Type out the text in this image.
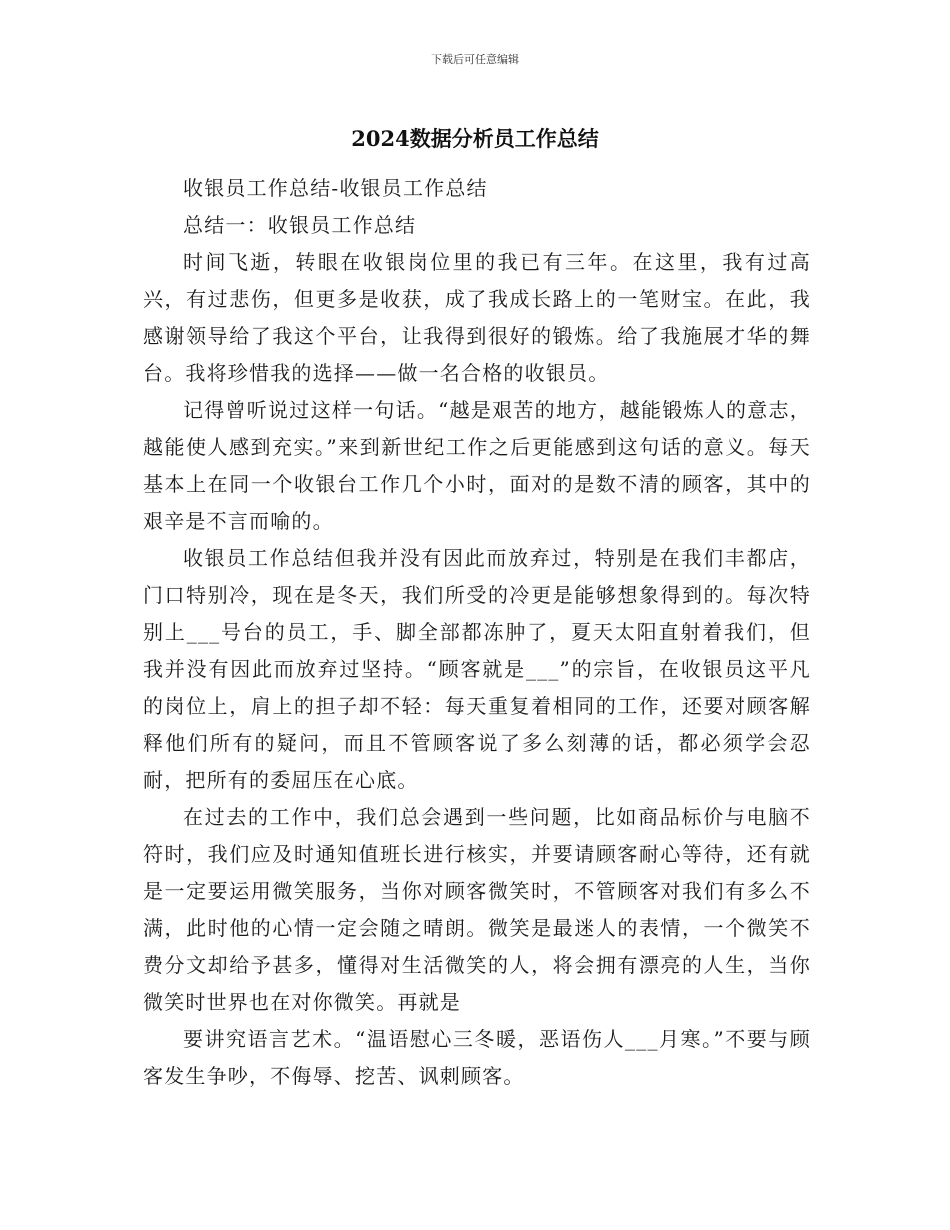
下载后可任意编辑
2024数据分析员工作总结

收银员工作总结-收银员工作总结

总结一：收银员工作总结

时间飞逝，转眼在收银岗位里的我已有三年。在这里，我有过高兴，有过悲伤，但更多是收获，成了我成长路上的一笔财宝。在此，我感谢领导给了我这个平台，让我得到很好的锻炼。给了我施展才华的舞台。我将珍惜我的选择——做一名合格的收银员。

记得曾听说过这样一句话。“越是艰苦的地方，越能锻炼人的意志，越能使人感到充实。”来到新世纪工作之后更能感到这句话的意义。每天基本上在同一个收银台工作几个小时，面对的是数不清的顾客，其中的艰辛是不言而喻的。

收银员工作总结但我并没有因此而放弃过，特别是在我们丰都店，门口特别冷，现在是冬天，我们所受的冷更是能够想象得到的。每次特别上___号台的员工，手、脚全部都冻肿了，夏天太阳直射着我们，但我并没有因此而放弃过坚持。“顾客就是___”的宗旨，在收银员这平凡的岗位上，肩上的担子却不轻：每天重复着相同的工作，还要对顾客解释他们所有的疑问，而且不管顾客说了多么刻薄的话，都必须学会忍耐，把所有的委屈压在心底。

在过去的工作中，我们总会遇到一些问题，比如商品标价与电脑不符时，我们应及时通知值班长进行核实，并要请顾客耐心等待，还有就是一定要运用微笑服务，当你对顾客微笑时，不管顾客对我们有多么不满，此时他的心情一定会随之晴朗。微笑是最迷人的表情，一个微笑不费分文却给予甚多，懂得对生活微笑的人，将会拥有漂亮的人生，当你微笑时世界也在对你微笑。再就是

要讲究语言艺术。“温语慰心三冬暖，恶语伤人___月寒。”不要与顾客发生争吵，不侮辱、挖苦、讽刺顾客。
